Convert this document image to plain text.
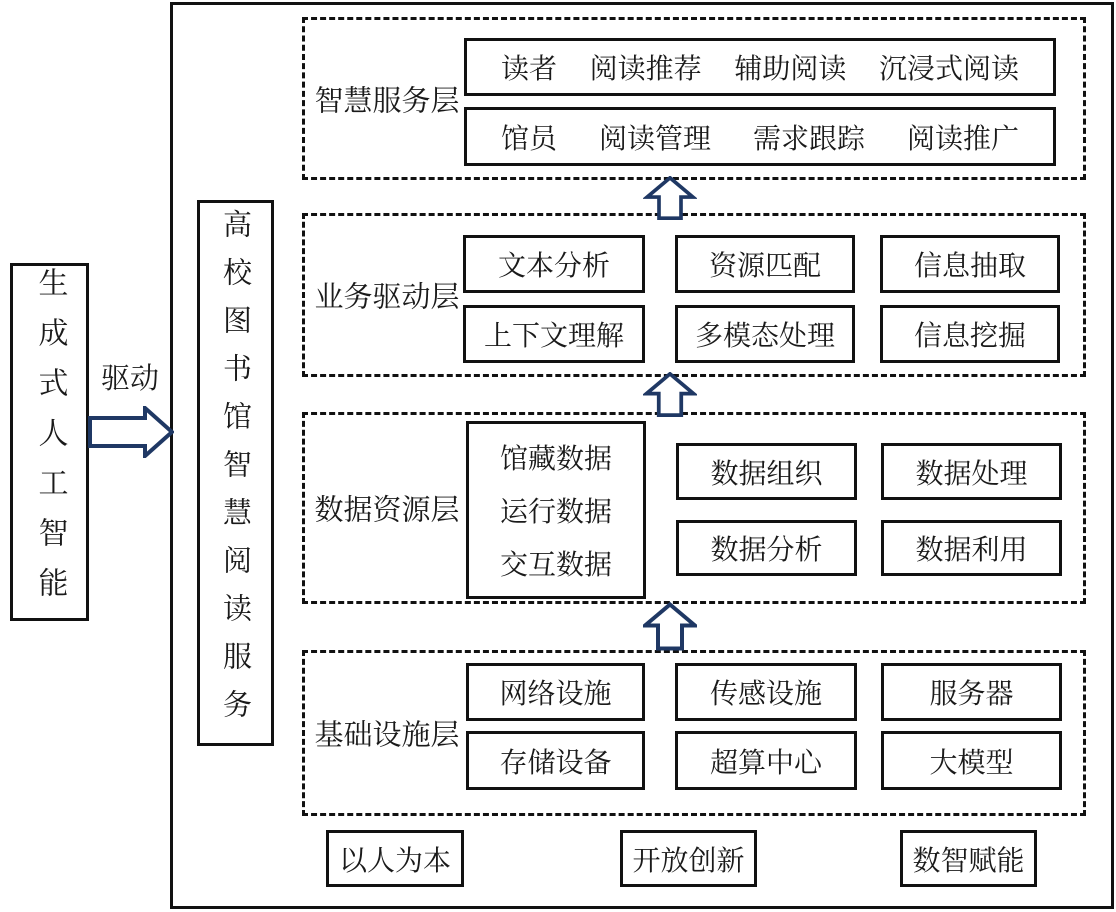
生成式人工智能	驱动	高校图书馆智慧阅读服务
智慧服务层
读者 阅读推荐 辅助阅读 沉浸式阅读
馆员 阅读管理 需求跟踪 阅读推广
业务驱动层
文本分析	资源匹配	信息抽取
上下文理解	多模态处理	信息挖掘
数据资源层
馆藏数据
运行数据
交互数据
数据组织	数据处理
数据分析	数据利用
基础设施层
网络设施	传感设施	服务器
存储设备	超算中心	大模型
以人为本	开放创新	数智赋能
